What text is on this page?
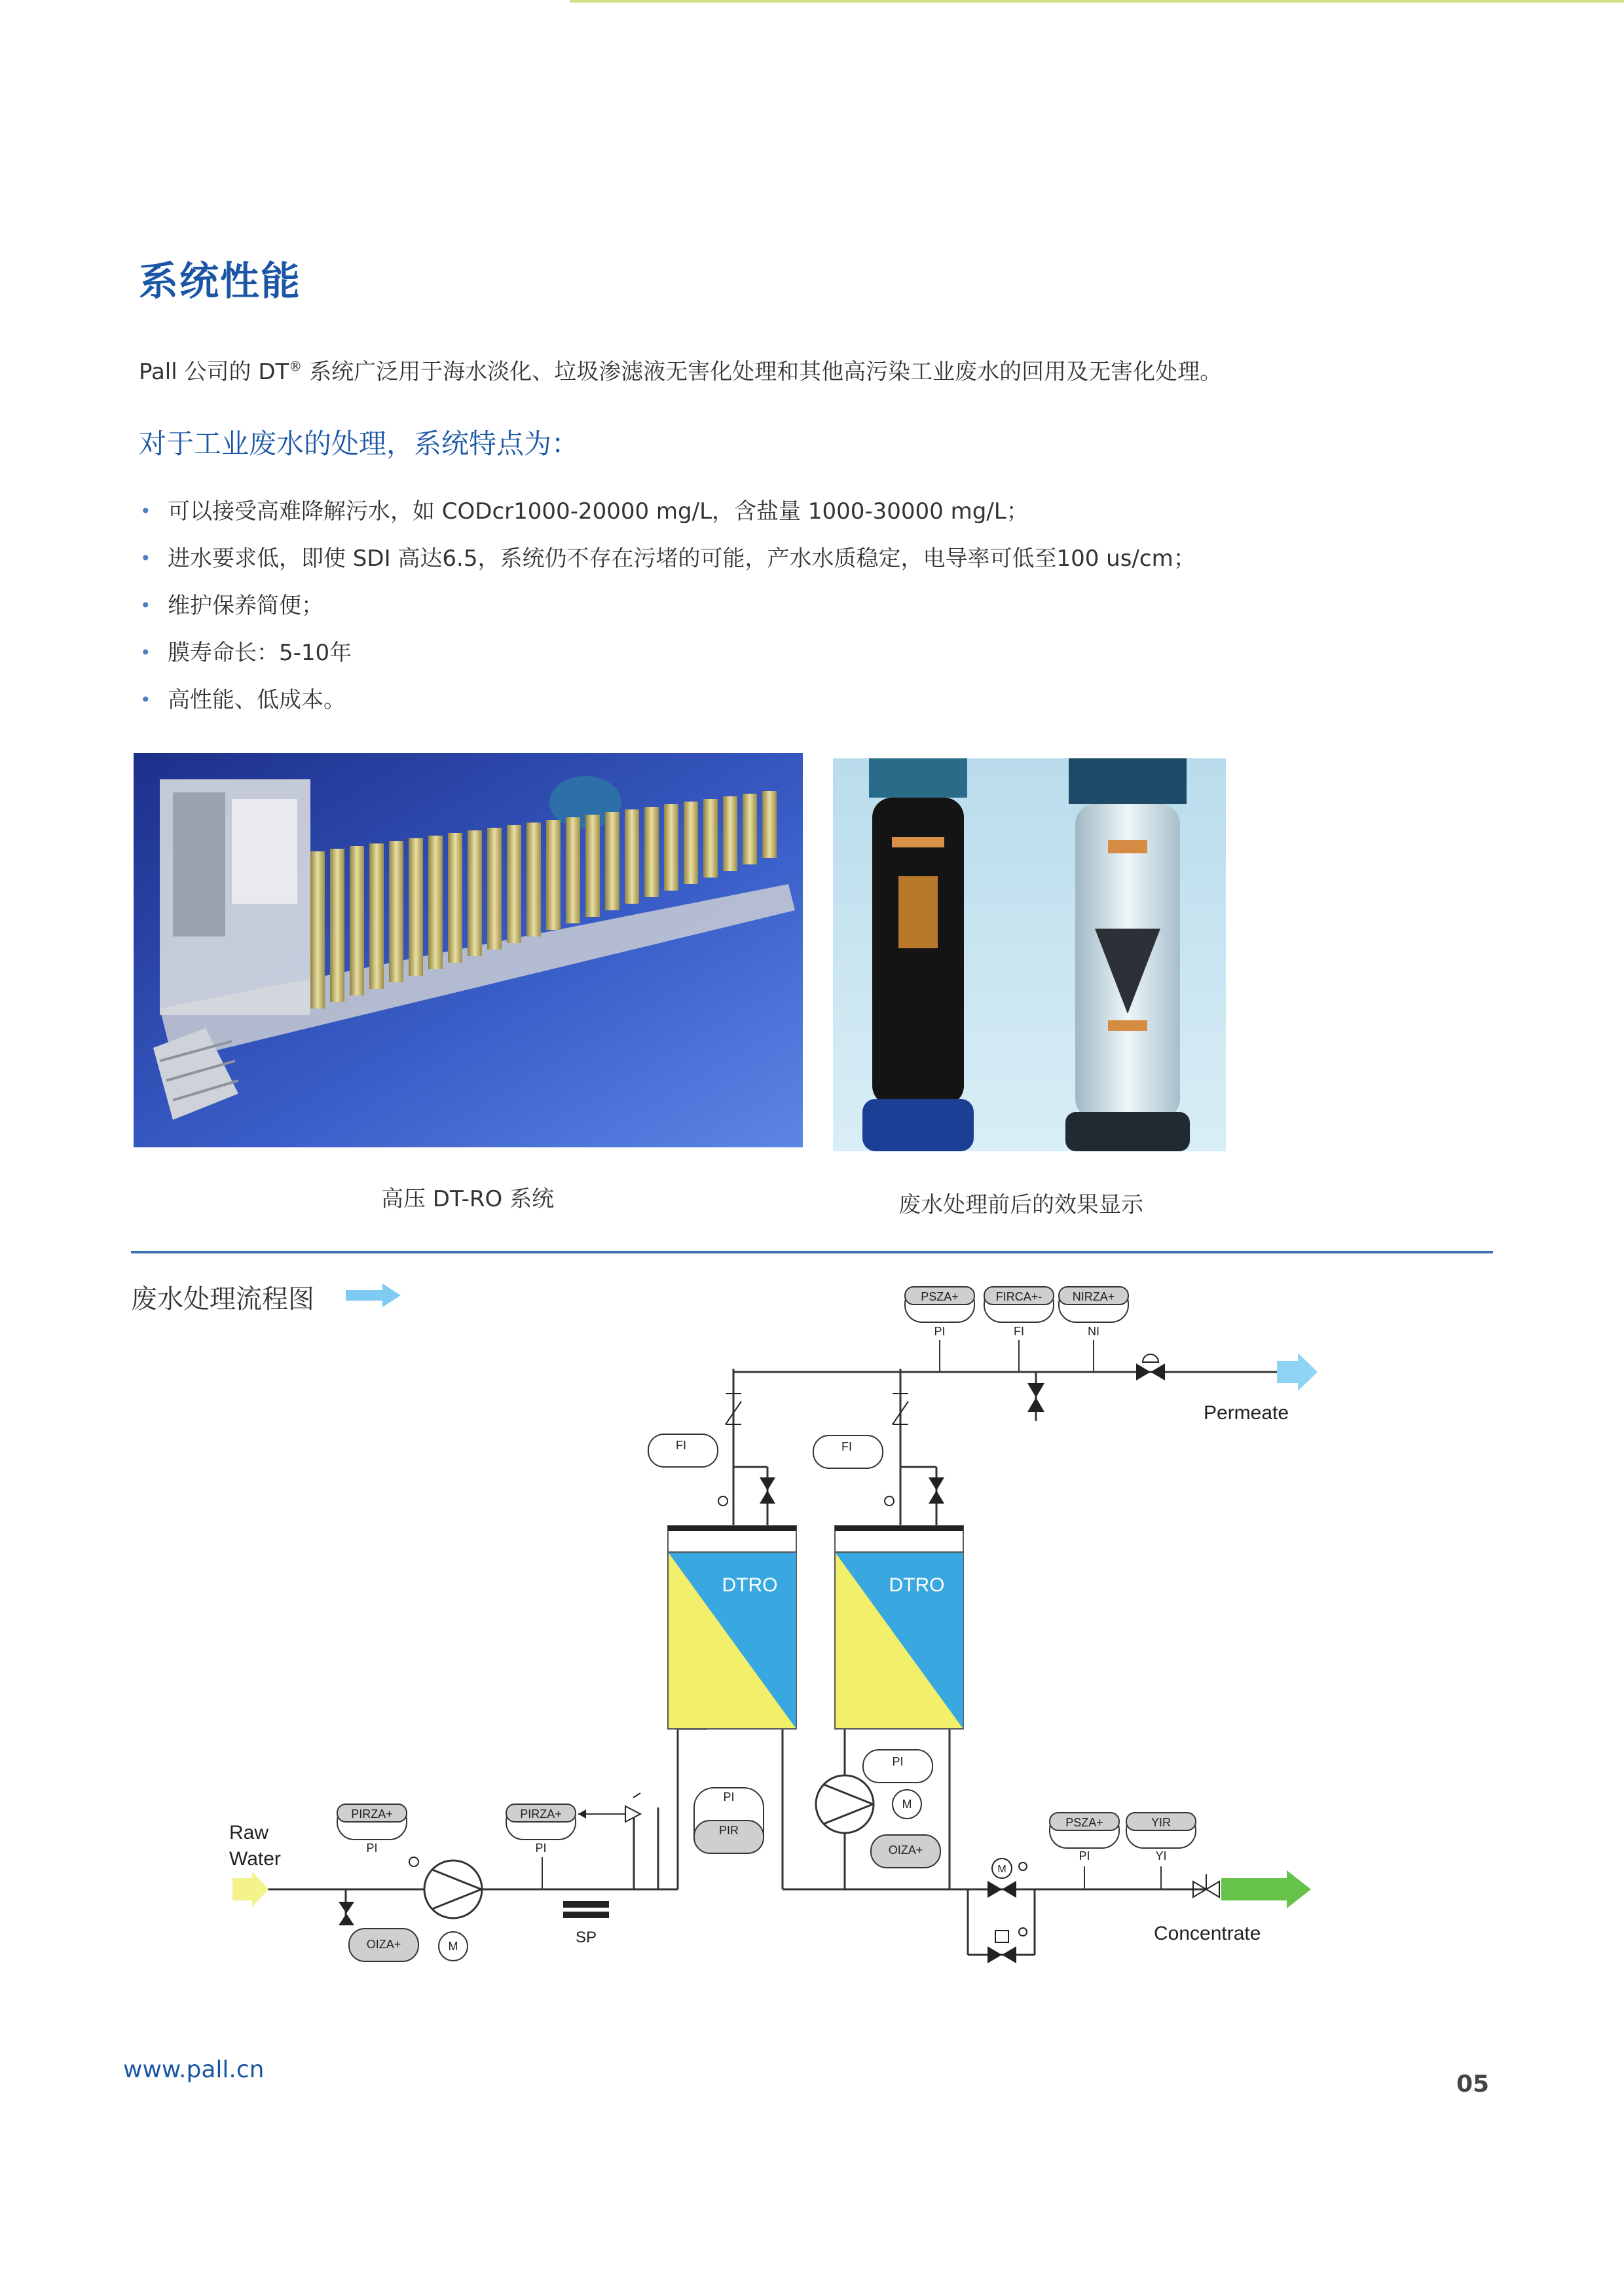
系统性能
Pall 公司的 DT® 系统广泛用于海水淡化、垃圾渗滤液无害化处理和其他高污染工业废水的回用及无害化处理。
对于工业废水的处理，系统特点为：
• 可以接受高难降解污水，如 CODcr1000-20000 mg/L，含盐量 1000-30000 mg/L；
• 进水要求低，即使 SDI 高达6.5，系统仍不存在污堵的可能，产水水质稳定，电导率可低至100 us/cm；
• 维护保养简便；
• 膜寿命长：5-10年
• 高性能、低成本。
高压 DT-RO 系统	废水处理前后的效果显示
废水处理流程图
DTRO	DTRO
PSZA+
PI
FIRCA+-
FI
NIRZA+
NI
Permeate
FI	FI
Raw
Water
PIRZA+
PI
PIRZA+
PI
M
OIZA+	SP
PI
PIR
M
PI
OIZA+
M
PSZA+
PI
YIR
YI
Concentrate
www.pall.cn
05
